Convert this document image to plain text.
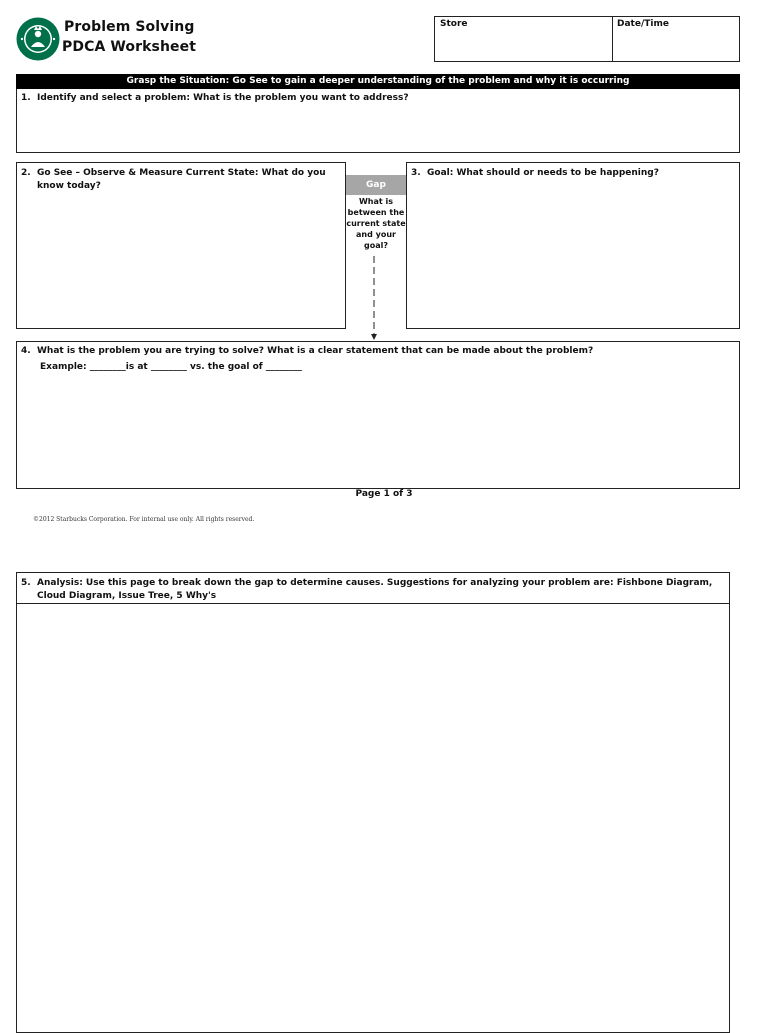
Problem Solving
PDCA Worksheet
Store	Date/Time
Grasp the Situation: Go See to gain a deeper understanding of the problem and why it is occurring
1. Identify and select a problem: What is the problem you want to address?
2. Go See – Observe & Measure Current State: What do you know today?	Gap
What is between the current state and your goal?
3. Goal: What should or needs to be happening?
4. What is the problem you are trying to solve? What is a clear statement that can be made about the problem?
Example: ________is at ________ vs. the goal of ________
Page 1 of 3
©2012 Starbucks Corporation. For internal use only. All rights reserved.
5. Analysis: Use this page to break down the gap to determine causes. Suggestions for analyzing your problem are: Fishbone Diagram, Cloud Diagram, Issue Tree, 5 Why's
